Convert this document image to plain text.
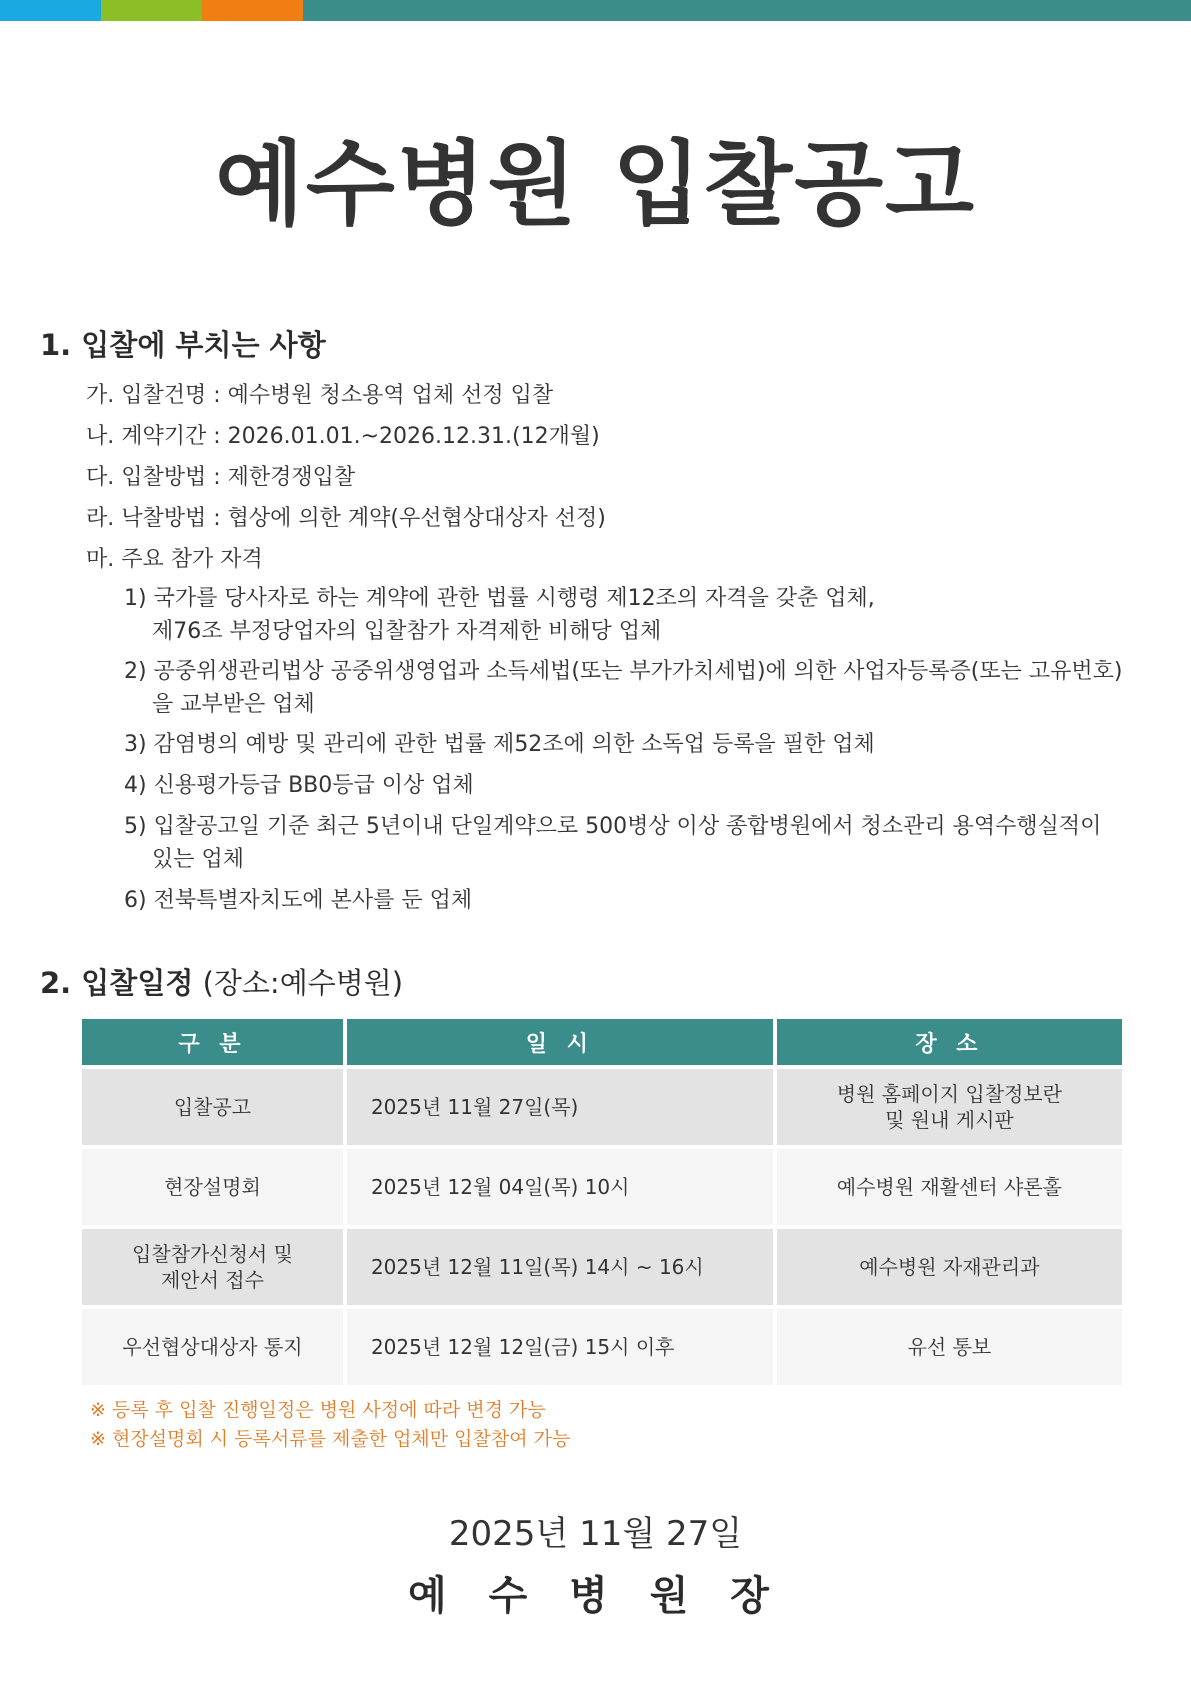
예수병원 입찰공고
1. 입찰에 부치는 사항
가. 입찰건명 : 예수병원 청소용역 업체 선정 입찰
나. 계약기간 : 2026.01.01.~2026.12.31.(12개월)
다. 입찰방법 : 제한경쟁입찰
라. 낙찰방법 : 협상에 의한 계약(우선협상대상자 선정)
마. 주요 참가 자격
1) 국가를 당사자로 하는 계약에 관한 법률 시행령 제12조의 자격을 갖춘 업체,
제76조 부정당업자의 입찰참가 자격제한 비해당 업체
2) 공중위생관리법상 공중위생영업과 소득세법(또는 부가가치세법)에 의한 사업자등록증(또는 고유번호)
을 교부받은 업체
3) 감염병의 예방 및 관리에 관한 법률 제52조에 의한 소독업 등록을 필한 업체
4) 신용평가등급 BB0등급 이상 업체
5) 입찰공고일 기준 최근 5년이내 단일계약으로 500병상 이상 종합병원에서 청소관리 용역수행실적이
있는 업체
6) 전북특별자치도에 본사를 둔 업체
2. 입찰일정 (장소:예수병원)
구 분	일 시	장 소
입찰공고	2025년 11월 27일(목)	병원 홈페이지 입찰정보란
및 원내 게시판

현장설명회	2025년 12월 04일(목) 10시	예수병원 재활센터 샤론홀

입찰참가신청서 및
제안서 접수	2025년 12월 11일(목) 14시 ~ 16시	예수병원 자재관리과
우선협상대상자 통지	2025년 12월 12일(금) 15시 이후	유선 통보
※ 등록 후 입찰 진행일정은 병원 사정에 따라 변경 가능
※ 현장설명회 시 등록서류를 제출한 업체만 입찰참여 가능
2025년 11월 27일
예 수 병 원 장
